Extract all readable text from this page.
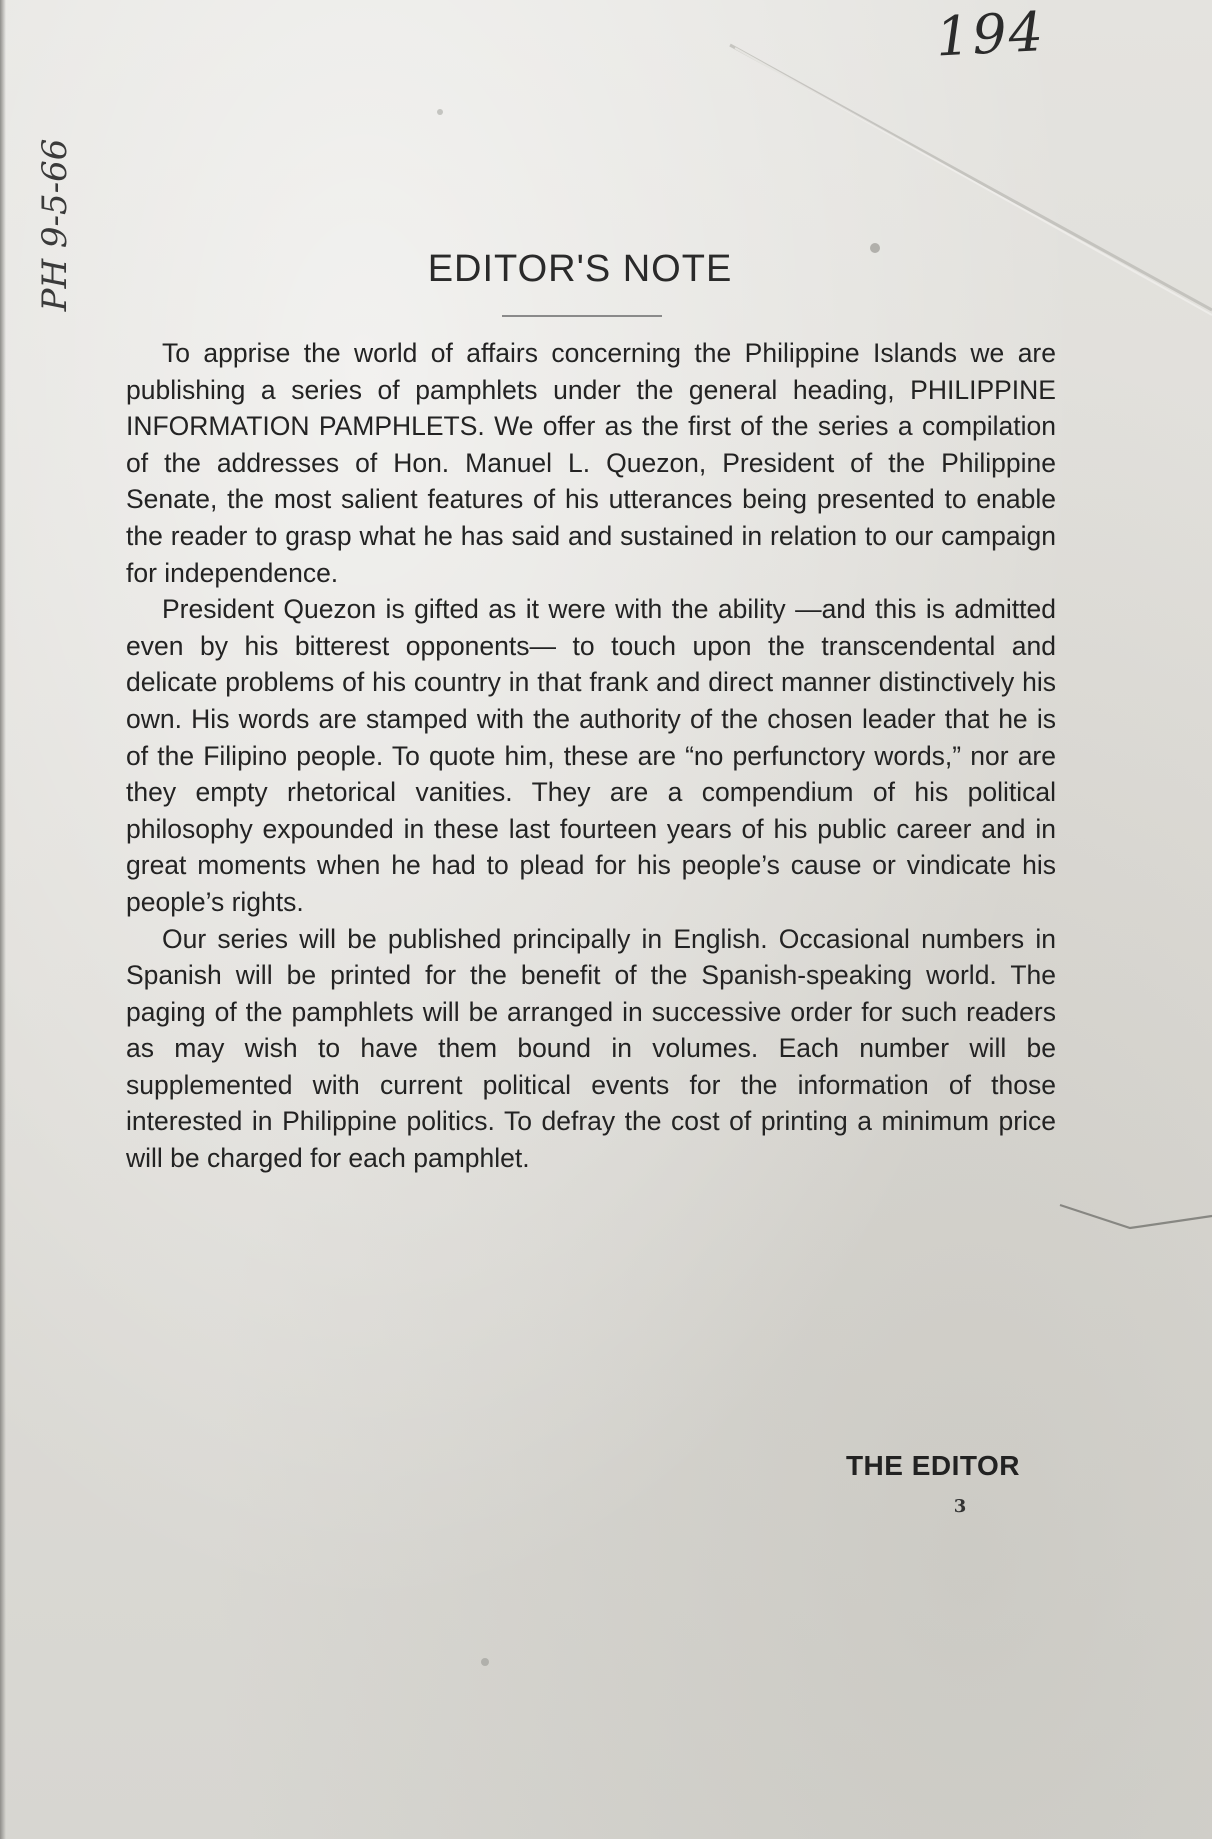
194
PH 9-5-66	EDITOR'S NOTE

To apprise the world of affairs concerning the Philippine Islands we are publishing a series of pamphlets under the general heading, PHILIPPINE INFORMATION PAMPHLETS. We offer as the first of the series a compilation of the addresses of Hon. Manuel L. Quezon, President of the Philippine Senate, the most salient features of his utterances being presented to enable the reader to grasp what he has said and sustained in relation to our campaign for independence.

President Quezon is gifted as it were with the ability —and this is admitted even by his bitterest opponents— to touch upon the transcendental and delicate problems of his country in that frank and direct manner distinctively his own. His words are stamped with the authority of the chosen leader that he is of the Filipino people. To quote him, these are “no perfunctory words,” nor are they empty rhetorical vanities. They are a compendium of his political philosophy expounded in these last fourteen years of his public career and in great moments when he had to plead for his people’s cause or vindicate his people’s rights.

Our series will be published principally in English. Occasional numbers in Spanish will be printed for the benefit of the Spanish-speaking world. The paging of the pamphlets will be arranged in successive order for such readers as may wish to have them bound in volumes. Each number will be supplemented with current political events for the information of those interested in Philippine politics. To defray the cost of printing a minimum price will be charged for each pamphlet.

THE EDITOR
3
